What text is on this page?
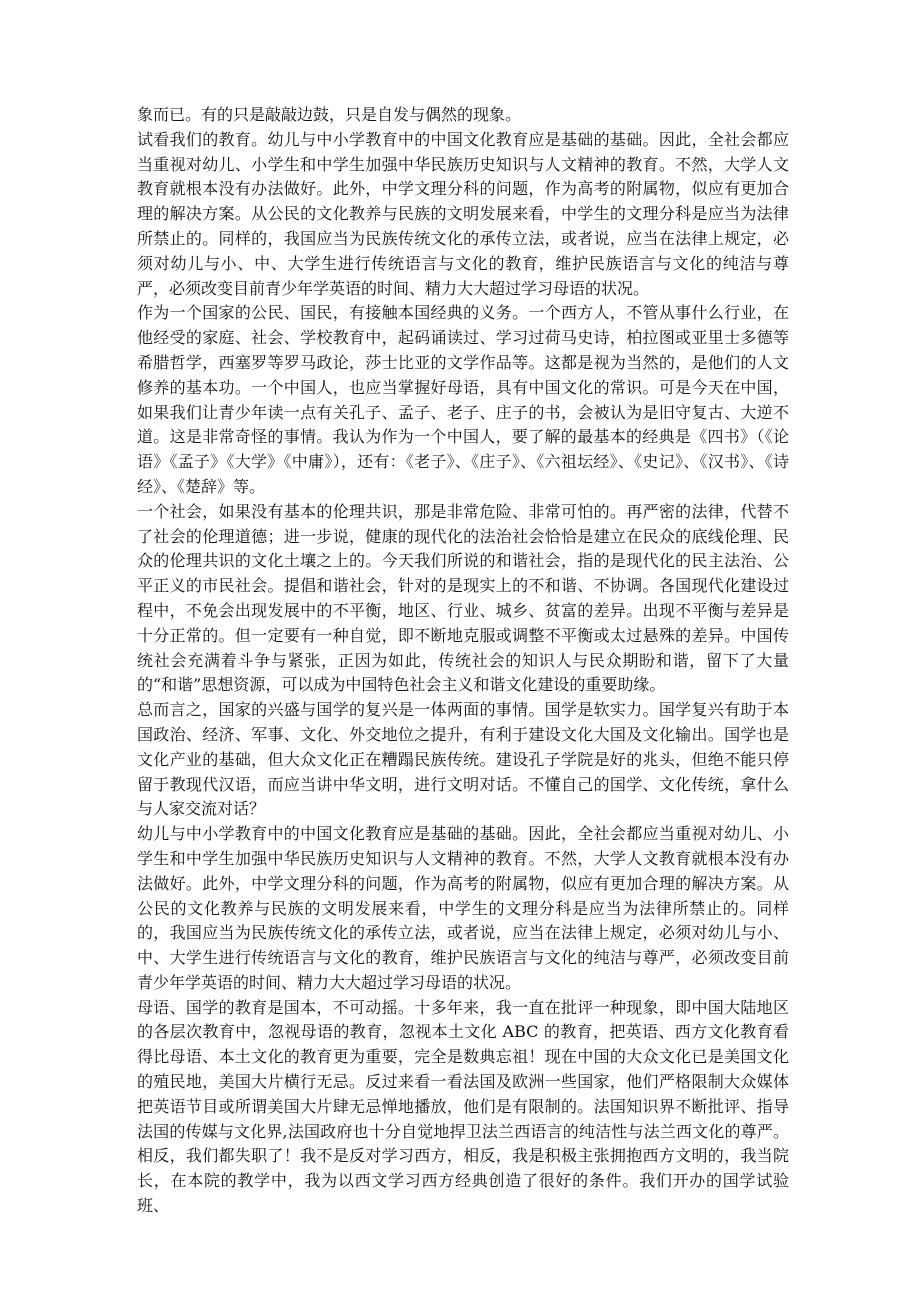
象而已。有的只是敲敲边鼓，只是自发与偶然的现象。

试看我们的教育。幼儿与中小学教育中的中国文化教育应是基础的基础。因此，全社会都应当重视对幼儿、小学生和中学生加强中华民族历史知识与人文精神的教育。不然，大学人文教育就根本没有办法做好。此外，中学文理分科的问题，作为高考的附属物，似应有更加合理的解决方案。从公民的文化教养与民族的文明发展来看，中学生的文理分科是应当为法律所禁止的。同样的，我国应当为民族传统文化的承传立法，或者说，应当在法律上规定，必须对幼儿与小、中、大学生进行传统语言与文化的教育，维护民族语言与文化的纯洁与尊严，必须改变目前青少年学英语的时间、精力大大超过学习母语的状况。

作为一个国家的公民、国民，有接触本国经典的义务。一个西方人，不管从事什么行业，在他经受的家庭、社会、学校教育中，起码诵读过、学习过荷马史诗，柏拉图或亚里士多德等希腊哲学，西塞罗等罗马政论，莎士比亚的文学作品等。这都是视为当然的，是他们的人文修养的基本功。一个中国人，也应当掌握好母语，具有中国文化的常识。可是今天在中国，如果我们让青少年读一点有关孔子、孟子、老子、庄子的书，会被认为是旧守复古、大逆不道。这是非常奇怪的事情。我认为作为一个中国人，要了解的最基本的经典是《四书》（《论语》《孟子》《大学》《中庸》），还有：《老子》、《庄子》、《六祖坛经》、《史记》、《汉书》、《诗经》、《楚辞》等。

一个社会，如果没有基本的伦理共识，那是非常危险、非常可怕的。再严密的法律，代替不了社会的伦理道德；进一步说，健康的现代化的法治社会恰恰是建立在民众的底线伦理、民众的伦理共识的文化土壤之上的。今天我们所说的和谐社会，指的是现代化的民主法治、公平正义的市民社会。提倡和谐社会，针对的是现实上的不和谐、不协调。各国现代化建设过程中，不免会出现发展中的不平衡，地区、行业、城乡、贫富的差异。出现不平衡与差异是十分正常的。但一定要有一种自觉，即不断地克服或调整不平衡或太过悬殊的差异。中国传统社会充满着斗争与紧张，正因为如此，传统社会的知识人与民众期盼和谐，留下了大量的“和谐”思想资源，可以成为中国特色社会主义和谐文化建设的重要助缘。

总而言之，国家的兴盛与国学的复兴是一体两面的事情。国学是软实力。国学复兴有助于本国政治、经济、军事、文化、外交地位之提升，有利于建设文化大国及文化输出。国学也是文化产业的基础，但大众文化正在糟蹋民族传统。建设孔子学院是好的兆头，但绝不能只停留于教现代汉语，而应当讲中华文明，进行文明对话。不懂自己的国学、文化传统，拿什么与人家交流对话？

幼儿与中小学教育中的中国文化教育应是基础的基础。因此，全社会都应当重视对幼儿、小学生和中学生加强中华民族历史知识与人文精神的教育。不然，大学人文教育就根本没有办法做好。此外，中学文理分科的问题，作为高考的附属物，似应有更加合理的解决方案。从公民的文化教养与民族的文明发展来看，中学生的文理分科是应当为法律所禁止的。同样的，我国应当为民族传统文化的承传立法，或者说，应当在法律上规定，必须对幼儿与小、中、大学生进行传统语言与文化的教育，维护民族语言与文化的纯洁与尊严，必须改变目前青少年学英语的时间、精力大大超过学习母语的状况。

母语、国学的教育是国本，不可动摇。十多年来，我一直在批评一种现象，即中国大陆地区的各层次教育中，忽视母语的教育，忽视本土文化 ABC 的教育，把英语、西方文化教育看得比母语、本土文化的教育更为重要，完全是数典忘祖！现在中国的大众文化已是美国文化的殖民地，美国大片横行无忌。反过来看一看法国及欧洲一些国家，他们严格限制大众媒体把英语节目或所谓美国大片肆无忌惮地播放，他们是有限制的。法国知识界不断批评、指导法国的传媒与文化界,法国政府也十分自觉地捍卫法兰西语言的纯洁性与法兰西文化的尊严。相反，我们都失职了！我不是反对学习西方，相反，我是积极主张拥抱西方文明的，我当院长，在本院的教学中，我为以西文学习西方经典创造了很好的条件。我们开办的国学试验班、
